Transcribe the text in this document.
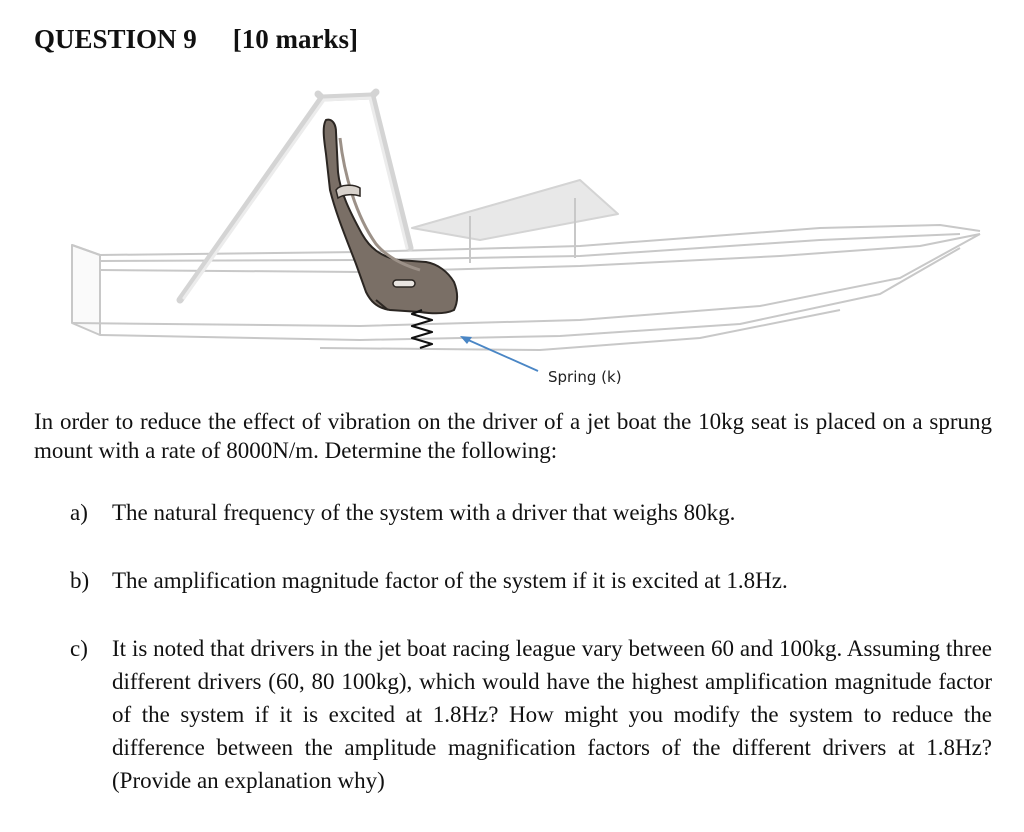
QUESTION 9 [10 marks]
Spring (k)
In order to reduce the effect of vibration on the driver of a jet boat the 10kg seat is placed on a sprung mount with a rate of 8000N/m. Determine the following:
a) The natural frequency of the system with a driver that weighs 80kg.
b) The amplification magnitude factor of the system if it is excited at 1.8Hz.
c) It is noted that drivers in the jet boat racing league vary between 60 and 100kg. Assuming three different drivers (60, 80 100kg), which would have the highest amplification magnitude factor of the system if it is excited at 1.8Hz? How might you modify the system to reduce the difference between the amplitude magnification factors of the different drivers at 1.8Hz? (Provide an explanation why)
